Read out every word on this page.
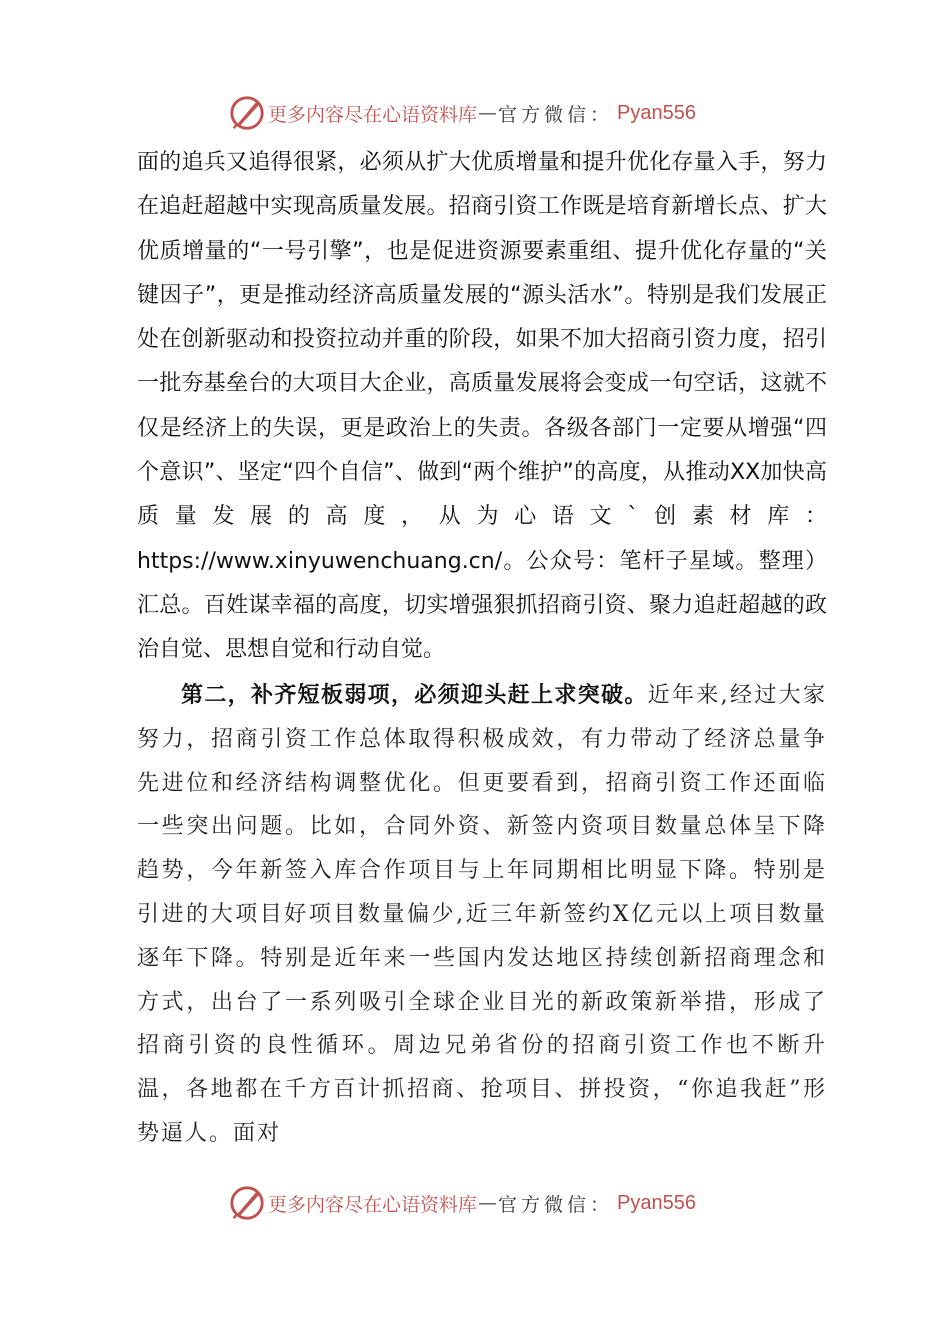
更多内容尽在心语资料库 — 官方微信： Pyan556

面的追兵又追得很紧，必须从扩大优质增量和提升优化存量入手，努力在追赶超越中实现高质量发展。招商引资工作既是培育新增长点、扩大优质增量的“一号引擎”，也是促进资源要素重组、提升优化存量的“关键因子”，更是推动经济高质量发展的“源头活水”。特别是我们发展正处在创新驱动和投资拉动并重的阶段，如果不加大招商引资力度，招引一批夯基垒台的大项目大企业，高质量发展将会变成一句空话，这就不仅是经济上的失误，更是政治上的失责。各级各部门一定要从增强“四个意识”、坚定“四个自信”、做到“两个维护”的高度，从推动XX加快高质量发展的高度，从为心语文`创素材库：https://www.xinyuwenchuang.cn/。公众号：笔杆子星域。整理）汇总。百姓谋幸福的高度，切实增强狠抓招商引资、聚力追赶超越的政治自觉、思想自觉和行动自觉。

第二，补齐短板弱项，必须迎头赶上求突破。近年来,经过大家努力，招商引资工作总体取得积极成效，有力带动了经济总量争先进位和经济结构调整优化。但更要看到，招商引资工作还面临一些突出问题。比如，合同外资、新签内资项目数量总体呈下降趋势，今年新签入库合作项目与上年同期相比明显下降。特别是引进的大项目好项目数量偏少,近三年新签约X亿元以上项目数量逐年下降。特别是近年来一些国内发达地区持续创新招商理念和方式，出台了一系列吸引全球企业目光的新政策新举措，形成了招商引资的良性循环。周边兄弟省份的招商引资工作也不断升温，各地都在千方百计抓招商、抢项目、拼投资，“你追我赶”形势逼人。面对

更多内容尽在心语资料库 — 官方微信： Pyan556
